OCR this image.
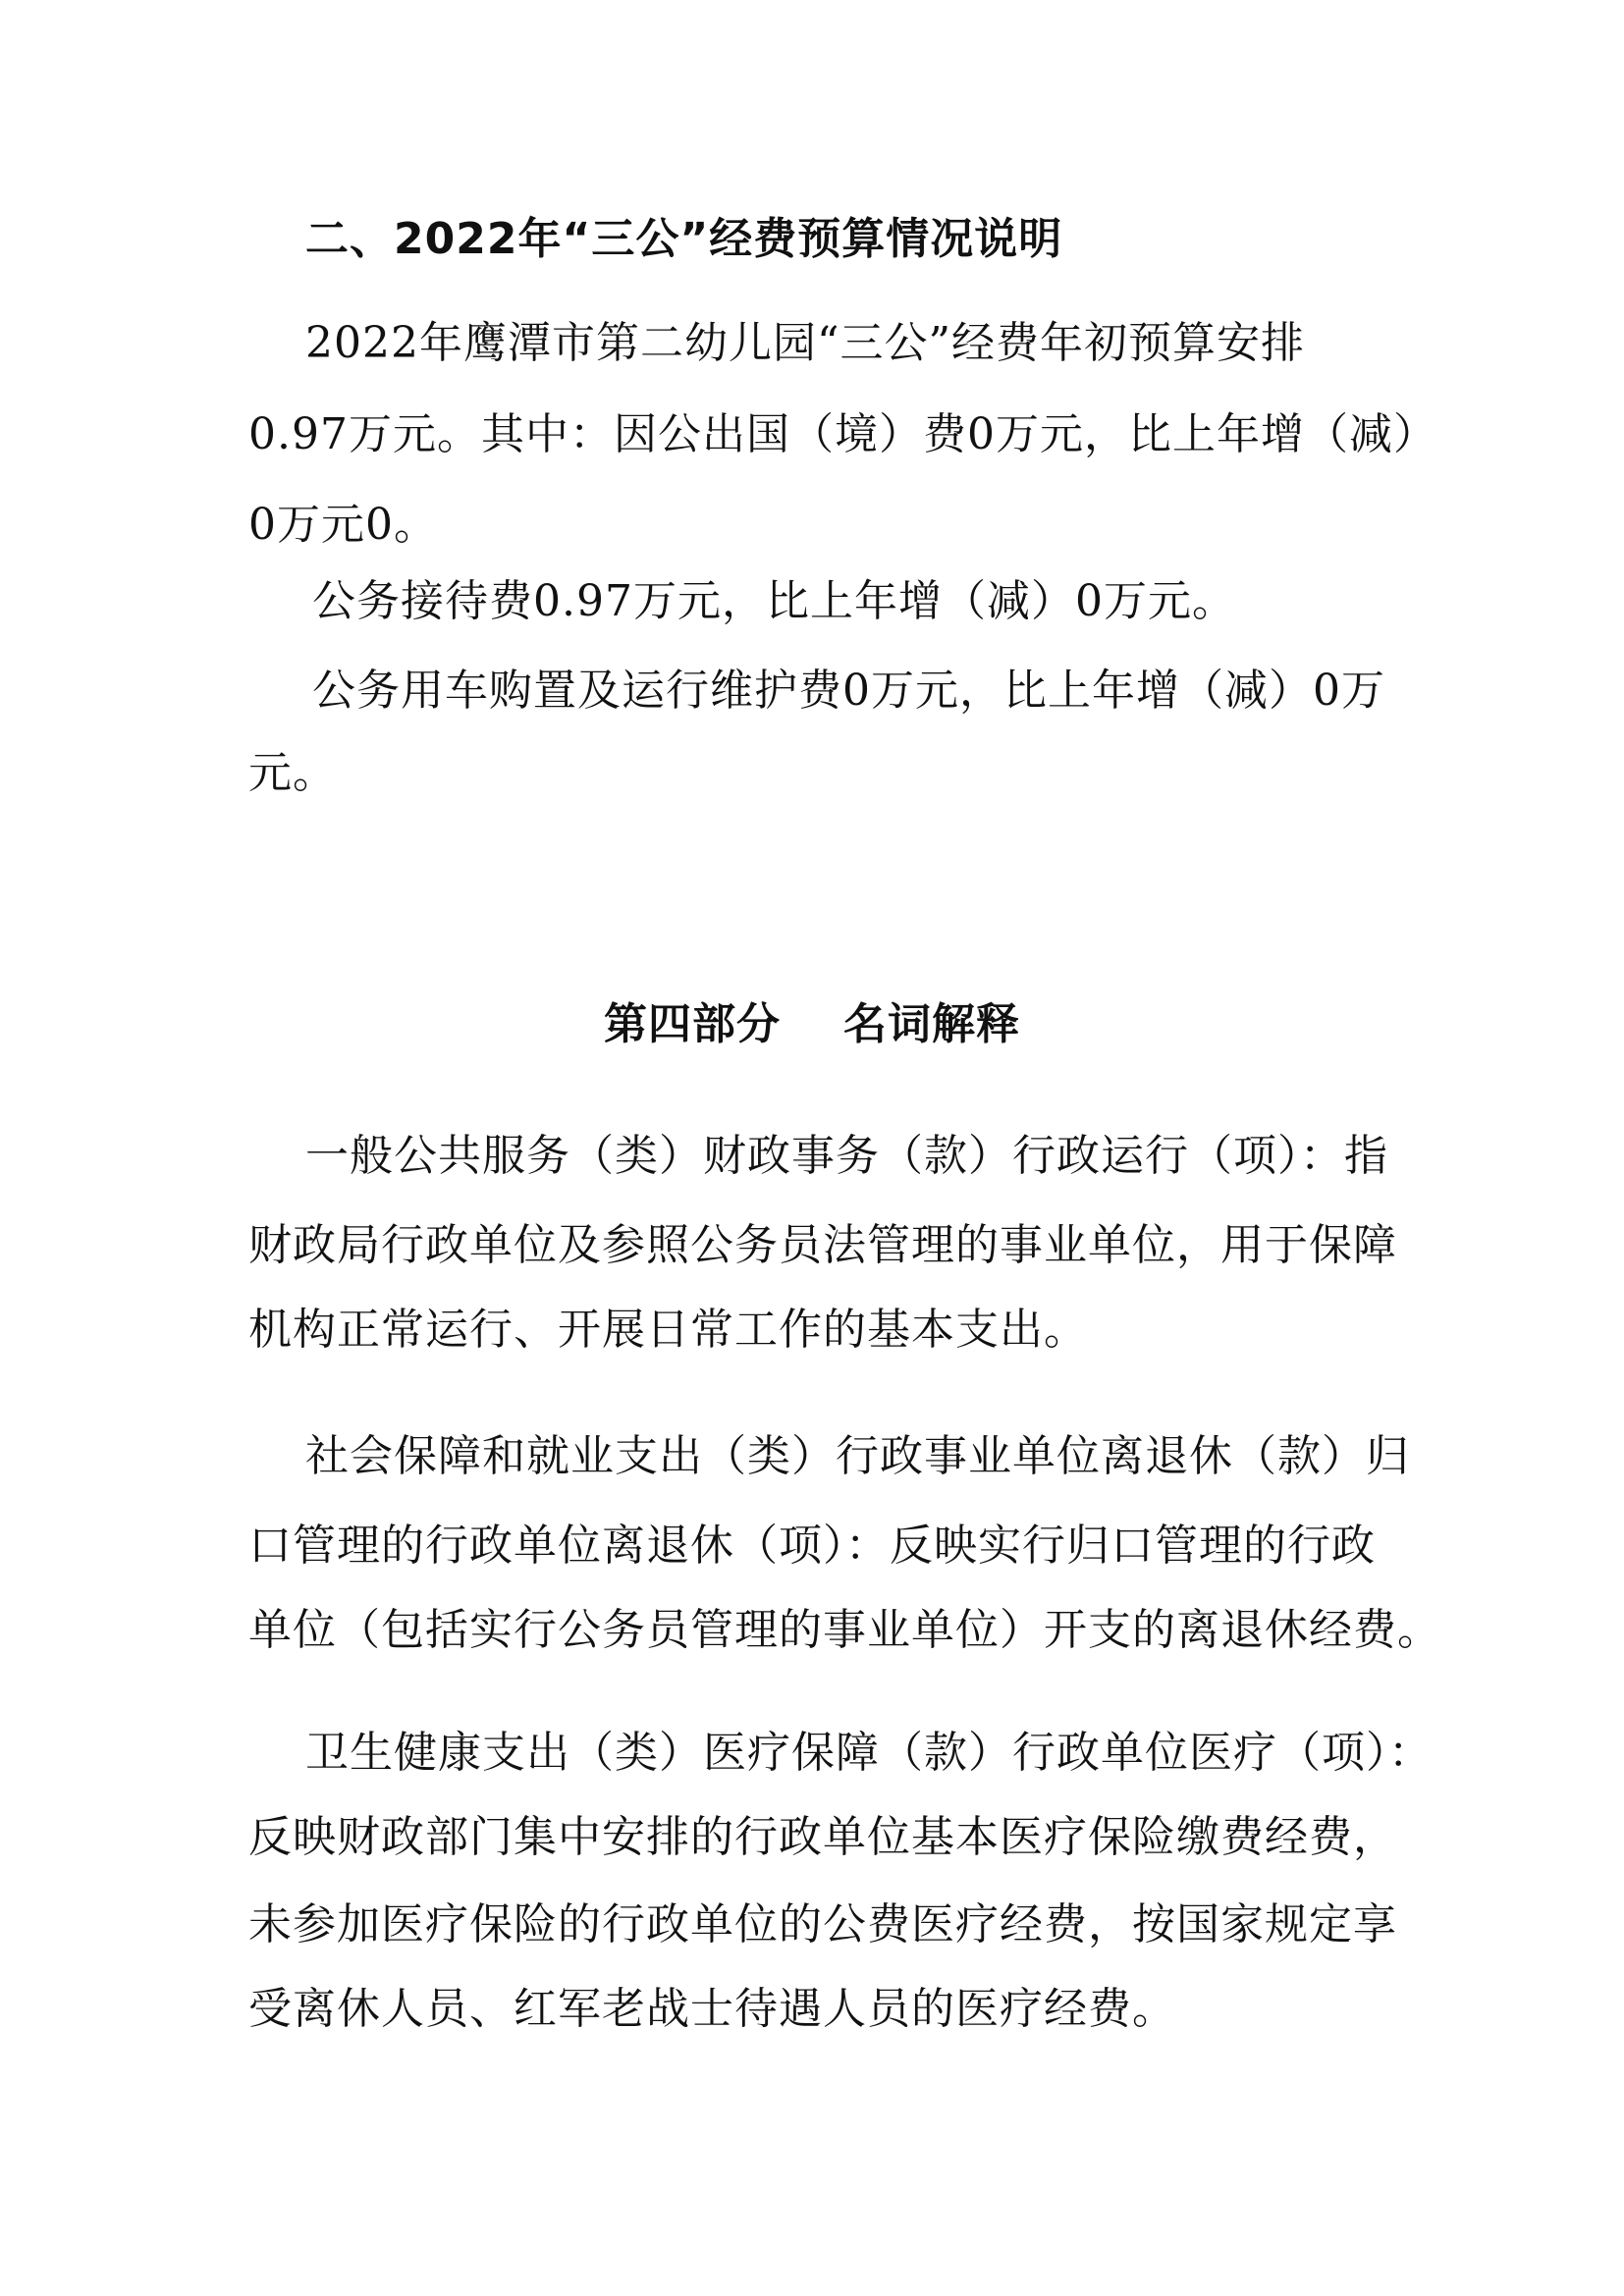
二、2022年“三公”经费预算情况说明
2022年鹰潭市第二幼儿园“三公”经费年初预算安排
0.97万元。其中：因公出国（境）费0万元，比上年增（减）
0万元0。
公务接待费0.97万元，比上年增（减）0万元。
公务用车购置及运行维护费0万元，比上年增（减）0万
元。
第四部分 名词解释
一般公共服务（类）财政事务（款）行政运行（项）：指
财政局行政单位及参照公务员法管理的事业单位，用于保障
机构正常运行、开展日常工作的基本支出。
社会保障和就业支出（类）行政事业单位离退休（款）归
口管理的行政单位离退休（项）：反映实行归口管理的行政
单位（包括实行公务员管理的事业单位）开支的离退休经费。
卫生健康支出（类）医疗保障（款）行政单位医疗（项）：
反映财政部门集中安排的行政单位基本医疗保险缴费经费，
未参加医疗保险的行政单位的公费医疗经费，按国家规定享
受离休人员、红军老战士待遇人员的医疗经费。
